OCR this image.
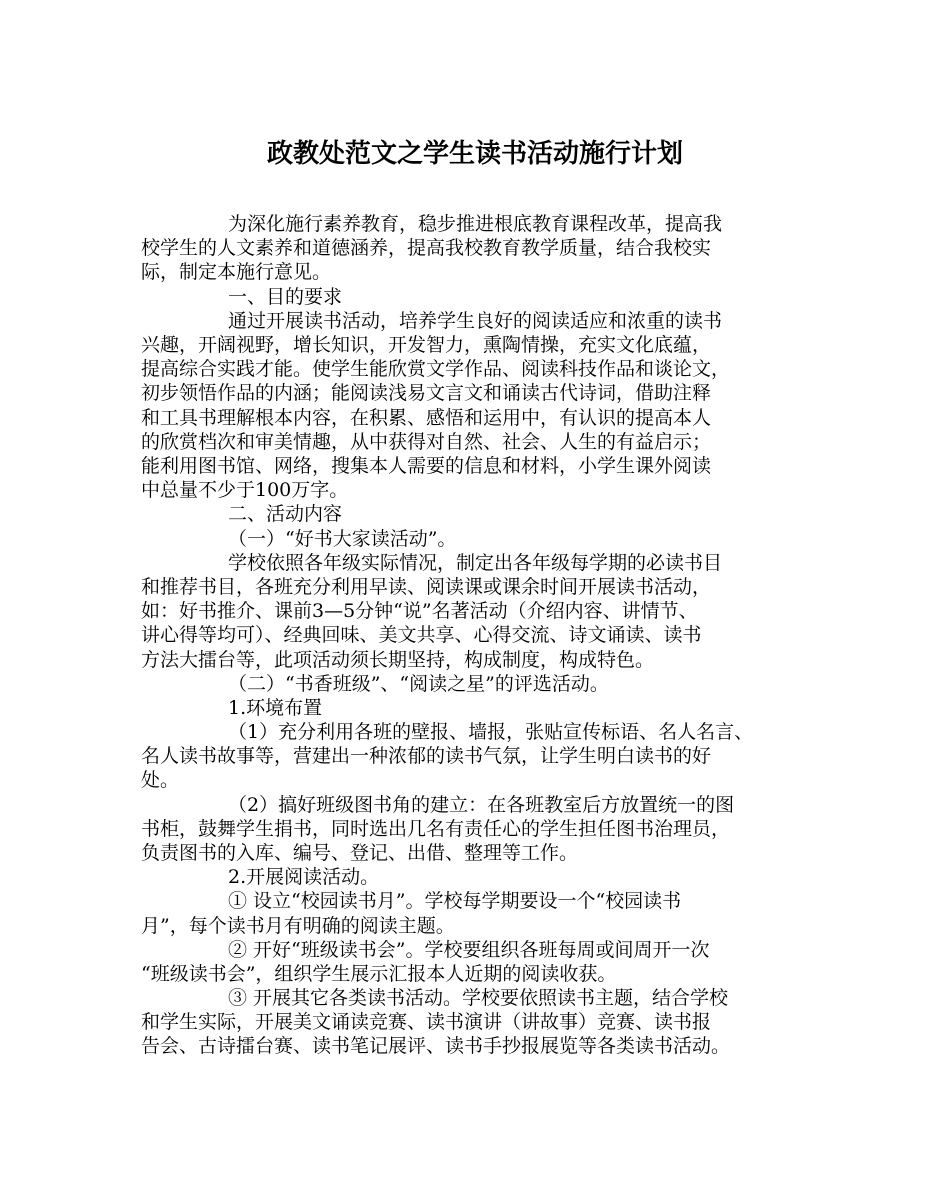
政教处范文之学生读书活动施行计划

为深化施行素养教育，稳步推进根底教育课程改革，提高我

校学生的人文素养和道德涵养，提高我校教育教学质量，结合我校实

际，制定本施行意见。

一、目的要求

通过开展读书活动，培养学生良好的阅读适应和浓重的读书

兴趣，开阔视野，增长知识，开发智力，熏陶情操，充实文化底蕴，

提高综合实践才能。使学生能欣赏文学作品、阅读科技作品和谈论文，

初步领悟作品的内涵；能阅读浅易文言文和诵读古代诗词，借助注释

和工具书理解根本内容，在积累、感悟和运用中，有认识的提高本人

的欣赏档次和审美情趣，从中获得对自然、社会、人生的有益启示；

能利用图书馆、网络，搜集本人需要的信息和材料，小学生课外阅读

中总量不少于100万字。

二、活动内容

（一）“好书大家读活动”。

学校依照各年级实际情况，制定出各年级每学期的必读书目

和推荐书目，各班充分利用早读、阅读课或课余时间开展读书活动，

如：好书推介、课前3—5分钟“说”名著活动（介绍内容、讲情节、

讲心得等均可）、经典回味、美文共享、心得交流、诗文诵读、读书

方法大擂台等，此项活动须长期坚持，构成制度，构成特色。

（二）“书香班级”、“阅读之星”的评选活动。

1.环境布置

（1）充分利用各班的壁报、墙报，张贴宣传标语、名人名言、

名人读书故事等，营建出一种浓郁的读书气氛，让学生明白读书的好

处。

（2）搞好班级图书角的建立：在各班教室后方放置统一的图

书柜，鼓舞学生捐书，同时选出几名有责任心的学生担任图书治理员，

负责图书的入库、编号、登记、出借、整理等工作。

2.开展阅读活动。

① 设立“校园读书月”。学校每学期要设一个“校园读书

月”，每个读书月有明确的阅读主题。

② 开好“班级读书会”。学校要组织各班每周或间周开一次

“班级读书会”，组织学生展示汇报本人近期的阅读收获。

③ 开展其它各类读书活动。学校要依照读书主题，结合学校

和学生实际，开展美文诵读竞赛、读书演讲（讲故事）竞赛、读书报

告会、古诗擂台赛、读书笔记展评、读书手抄报展览等各类读书活动。
